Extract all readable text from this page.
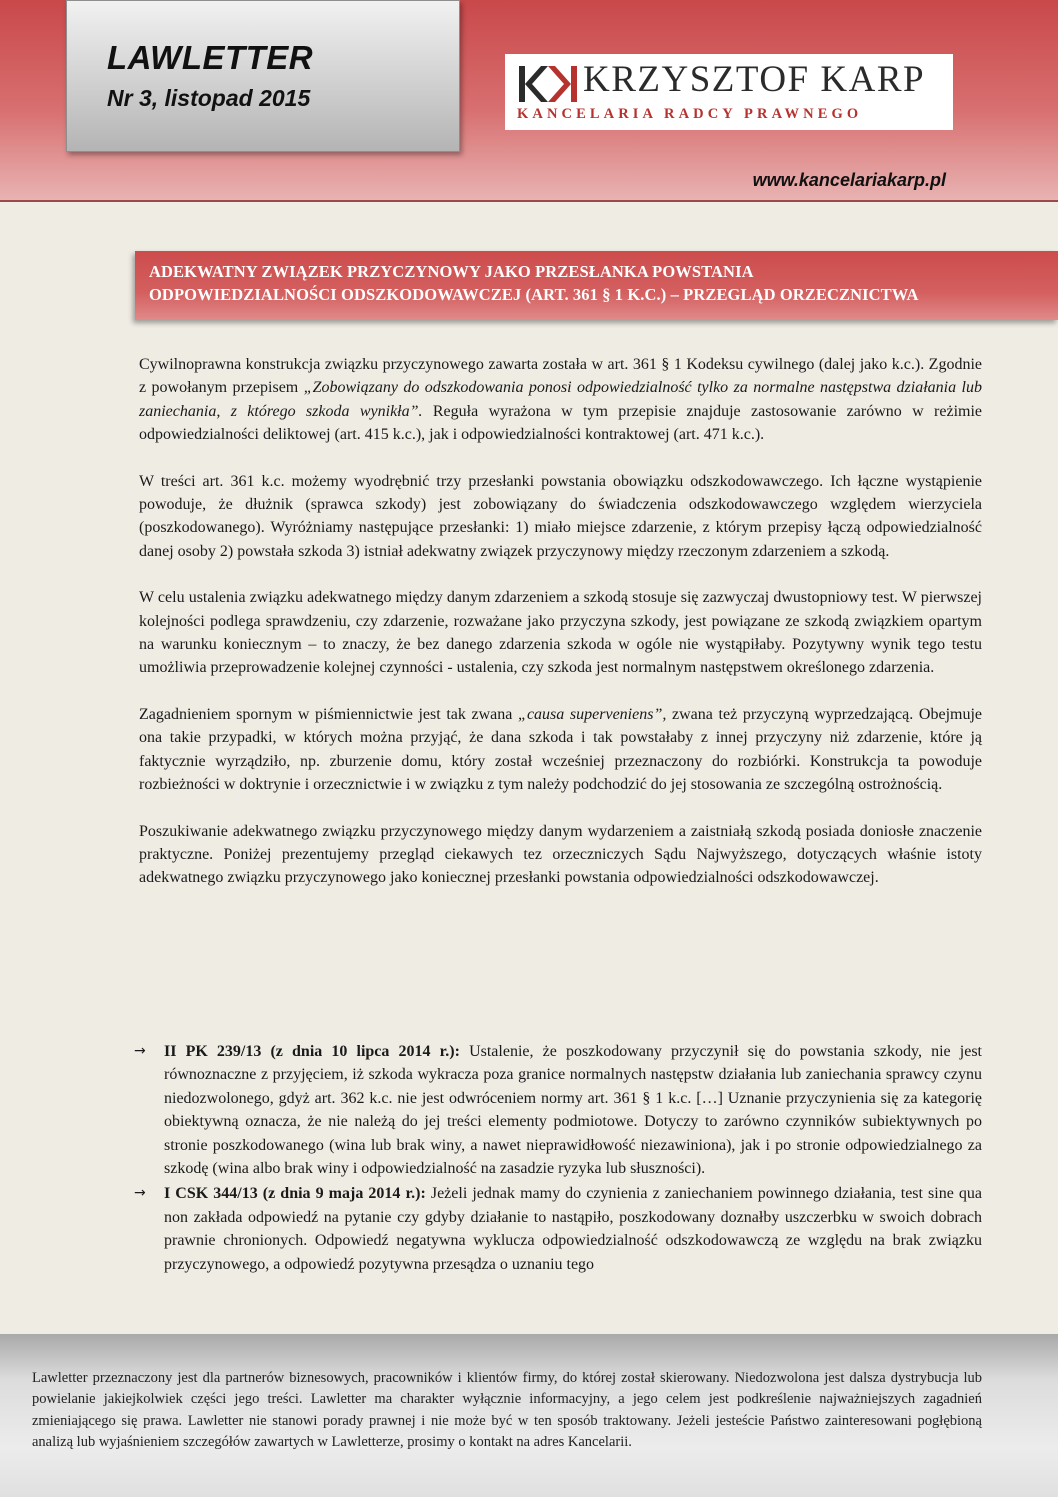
LAWLETTER
Nr 3, listopad 2015	KRZYSZTOF KARP
KANCELARIA RADCY PRAWNEGO
www.kancelariakarp.pl
ADEKWATNY ZWIĄZEK PRZYCZYNOWY JAKO PRZESŁANKA POWSTANIA
ODPOWIEDZIALNOŚCI ODSZKODOWAWCZEJ (ART. 361 § 1 K.C.) – PRZEGLĄD ORZECZNICTWA

Cywilnoprawna konstrukcja związku przyczynowego zawarta została w art. 361 § 1 Kodeksu cywilnego (dalej jako k.c.). Zgodnie z powołanym przepisem „Zobowiązany do odszkodowania ponosi odpowiedzialność tylko za normalne następstwa działania lub zaniechania, z którego szkoda wynikła”. Reguła wyrażona w tym przepisie znajduje zastosowanie zarówno w reżimie odpowiedzialności deliktowej (art. 415 k.c.), jak i odpowiedzialności kontraktowej (art. 471 k.c.).

W treści art. 361 k.c. możemy wyodrębnić trzy przesłanki powstania obowiązku odszkodowawczego. Ich łączne wystąpienie powoduje, że dłużnik (sprawca szkody) jest zobowiązany do świadczenia odszkodowawczego względem wierzyciela (poszkodowanego). Wyróżniamy następujące przesłanki: 1) miało miejsce zdarzenie, z którym przepisy łączą odpowiedzialność danej osoby 2) powstała szkoda 3) istniał adekwatny związek przyczynowy między rzeczonym zdarzeniem a szkodą.

W celu ustalenia związku adekwatnego między danym zdarzeniem a szkodą stosuje się zazwyczaj dwustopniowy test. W pierwszej kolejności podlega sprawdzeniu, czy zdarzenie, rozważane jako przyczyna szkody, jest powiązane ze szkodą związkiem opartym na warunku koniecznym – to znaczy, że bez danego zdarzenia szkoda w ogóle nie wystąpiłaby. Pozytywny wynik tego testu umożliwia przeprowadzenie kolejnej czynności - ustalenia, czy szkoda jest normalnym następstwem określonego zdarzenia.

Zagadnieniem spornym w piśmiennictwie jest tak zwana „causa superveniens”, zwana też przyczyną wyprzedzającą. Obejmuje ona takie przypadki, w których można przyjąć, że dana szkoda i tak powstałaby z innej przyczyny niż zdarzenie, które ją faktycznie wyrządziło, np. zburzenie domu, który został wcześniej przeznaczony do rozbiórki. Konstrukcja ta powoduje rozbieżności w doktrynie i orzecznictwie i w związku z tym należy podchodzić do jej stosowania ze szczególną ostrożnością.

Poszukiwanie adekwatnego związku przyczynowego między danym wydarzeniem a zaistniałą szkodą posiada doniosłe znaczenie praktyczne. Poniżej prezentujemy przegląd ciekawych tez orzeczniczych Sądu Najwyższego, dotyczących właśnie istoty adekwatnego związku przyczynowego jako koniecznej przesłanki powstania odpowiedzialności odszkodowawczej.

→ II PK 239/13 (z dnia 10 lipca 2014 r.): Ustalenie, że poszkodowany przyczynił się do powstania szkody, nie jest równoznaczne z przyjęciem, iż szkoda wykracza poza granice normalnych następstw działania lub zaniechania sprawcy czynu niedozwolonego, gdyż art. 362 k.c. nie jest odwróceniem normy art. 361 § 1 k.c. […] Uznanie przyczynienia się za kategorię obiektywną oznacza, że nie należą do jej treści elementy podmiotowe. Dotyczy to zarówno czynników subiektywnych po stronie poszkodowanego (wina lub brak winy, a nawet nieprawidłowość niezawiniona), jak i po stronie odpowiedzialnego za szkodę (wina albo brak winy i odpowiedzialność na zasadzie ryzyka lub słuszności).
→ I CSK 344/13 (z dnia 9 maja 2014 r.): Jeżeli jednak mamy do czynienia z zaniechaniem powinnego działania, test sine qua non zakłada odpowiedź na pytanie czy gdyby działanie to nastąpiło, poszkodowany doznałby uszczerbku w swoich dobrach prawnie chronionych. Odpowiedź negatywna wyklucza odpowiedzialność odszkodowawczą ze względu na brak związku przyczynowego, a odpowiedź pozytywna przesądza o uznaniu tego
Lawletter przeznaczony jest dla partnerów biznesowych, pracowników i klientów firmy, do której został skierowany. Niedozwolona jest dalsza dystrybucja lub powielanie jakiejkolwiek części jego treści. Lawletter ma charakter wyłącznie informacyjny, a jego celem jest podkreślenie najważniejszych zagadnień zmieniającego się prawa. Lawletter nie stanowi porady prawnej i nie może być w ten sposób traktowany. Jeżeli jesteście Państwo zainteresowani pogłębioną analizą lub wyjaśnieniem szczegółów zawartych w Lawletterze, prosimy o kontakt na adres Kancelarii.
